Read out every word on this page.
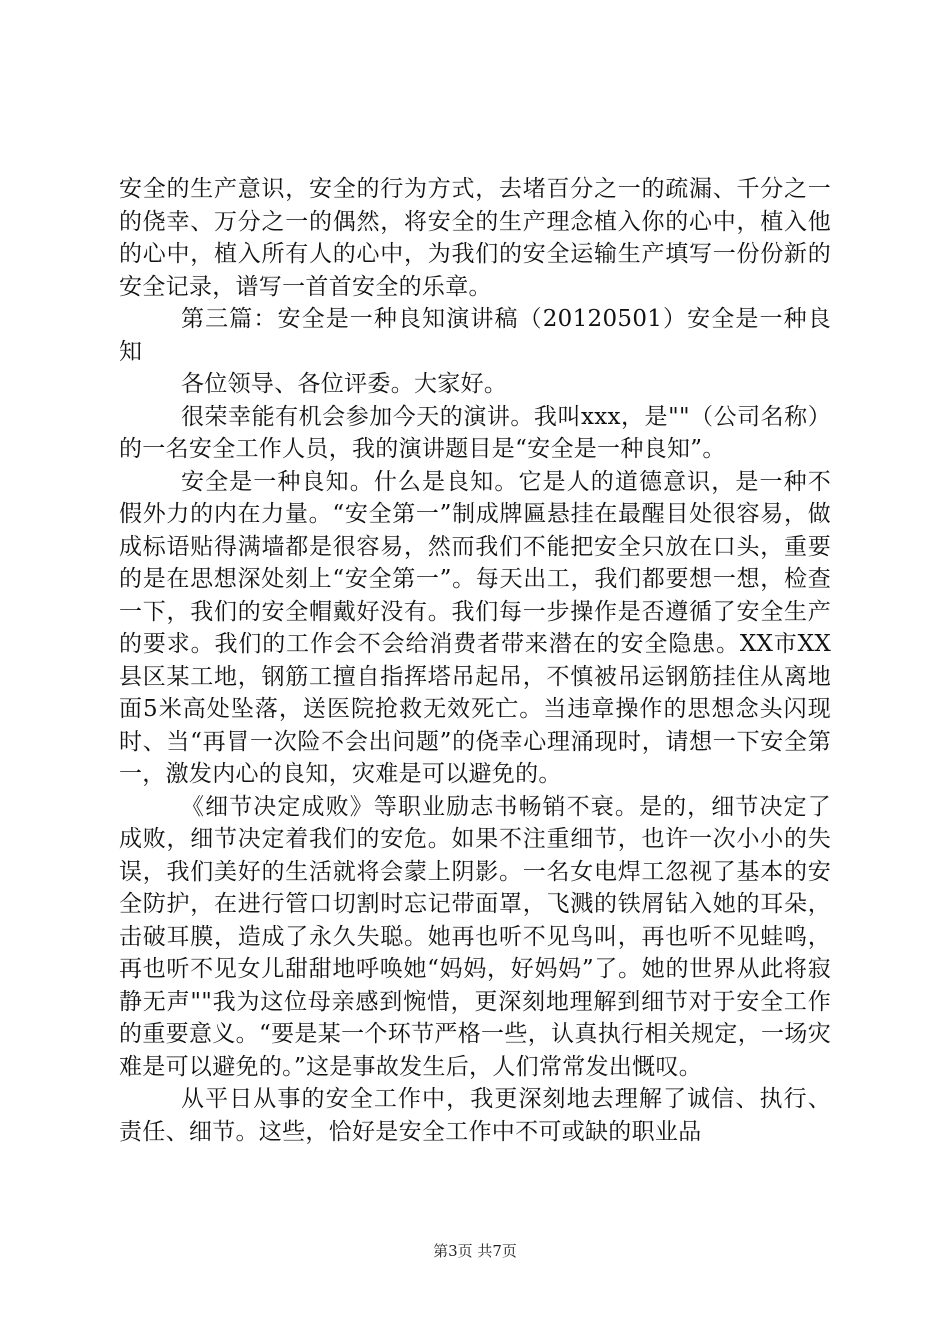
安全的生产意识，安全的行为方式，去堵百分之一的疏漏、千分之一的侥幸、万分之一的偶然，将安全的生产理念植入你的心中，植入他的心中，植入所有人的心中，为我们的安全运输生产填写一份份新的安全记录，谱写一首首安全的乐章。

第三篇：安全是一种良知演讲稿（20120501）安全是一种良知

各位领导、各位评委。大家好。

很荣幸能有机会参加今天的演讲。我叫xxx，是""（公司名称）的一名安全工作人员，我的演讲题目是“安全是一种良知”。

安全是一种良知。什么是良知。它是人的道德意识，是一种不假外力的内在力量。“安全第一”制成牌匾悬挂在最醒目处很容易，做成标语贴得满墙都是很容易，然而我们不能把安全只放在口头，重要的是在思想深处刻上“安全第一”。每天出工，我们都要想一想，检查一下，我们的安全帽戴好没有。我们每一步操作是否遵循了安全生产的要求。我们的工作会不会给消费者带来潜在的安全隐患。XX市XX县区某工地，钢筋工擅自指挥塔吊起吊，不慎被吊运钢筋挂住从离地面5米高处坠落，送医院抢救无效死亡。当违章操作的思想念头闪现时、当“再冒一次险不会出问题”的侥幸心理涌现时，请想一下安全第一，激发内心的良知，灾难是可以避免的。

《细节决定成败》等职业励志书畅销不衰。是的，细节决定了成败，细节决定着我们的安危。如果不注重细节，也许一次小小的失误，我们美好的生活就将会蒙上阴影。一名女电焊工忽视了基本的安全防护，在进行管口切割时忘记带面罩，飞溅的铁屑钻入她的耳朵，击破耳膜，造成了永久失聪。她再也听不见鸟叫，再也听不见蛙鸣，再也听不见女儿甜甜地呼唤她“妈妈，好妈妈”了。她的世界从此将寂静无声""我为这位母亲感到惋惜，更深刻地理解到细节对于安全工作的重要意义。“要是某一个环节严格一些，认真执行相关规定，一场灾难是可以避免的。”这是事故发生后，人们常常发出慨叹。

从平日从事的安全工作中，我更深刻地去理解了诚信、执行、责任、细节。这些，恰好是安全工作中不可或缺的职业品

第3页 共7页
